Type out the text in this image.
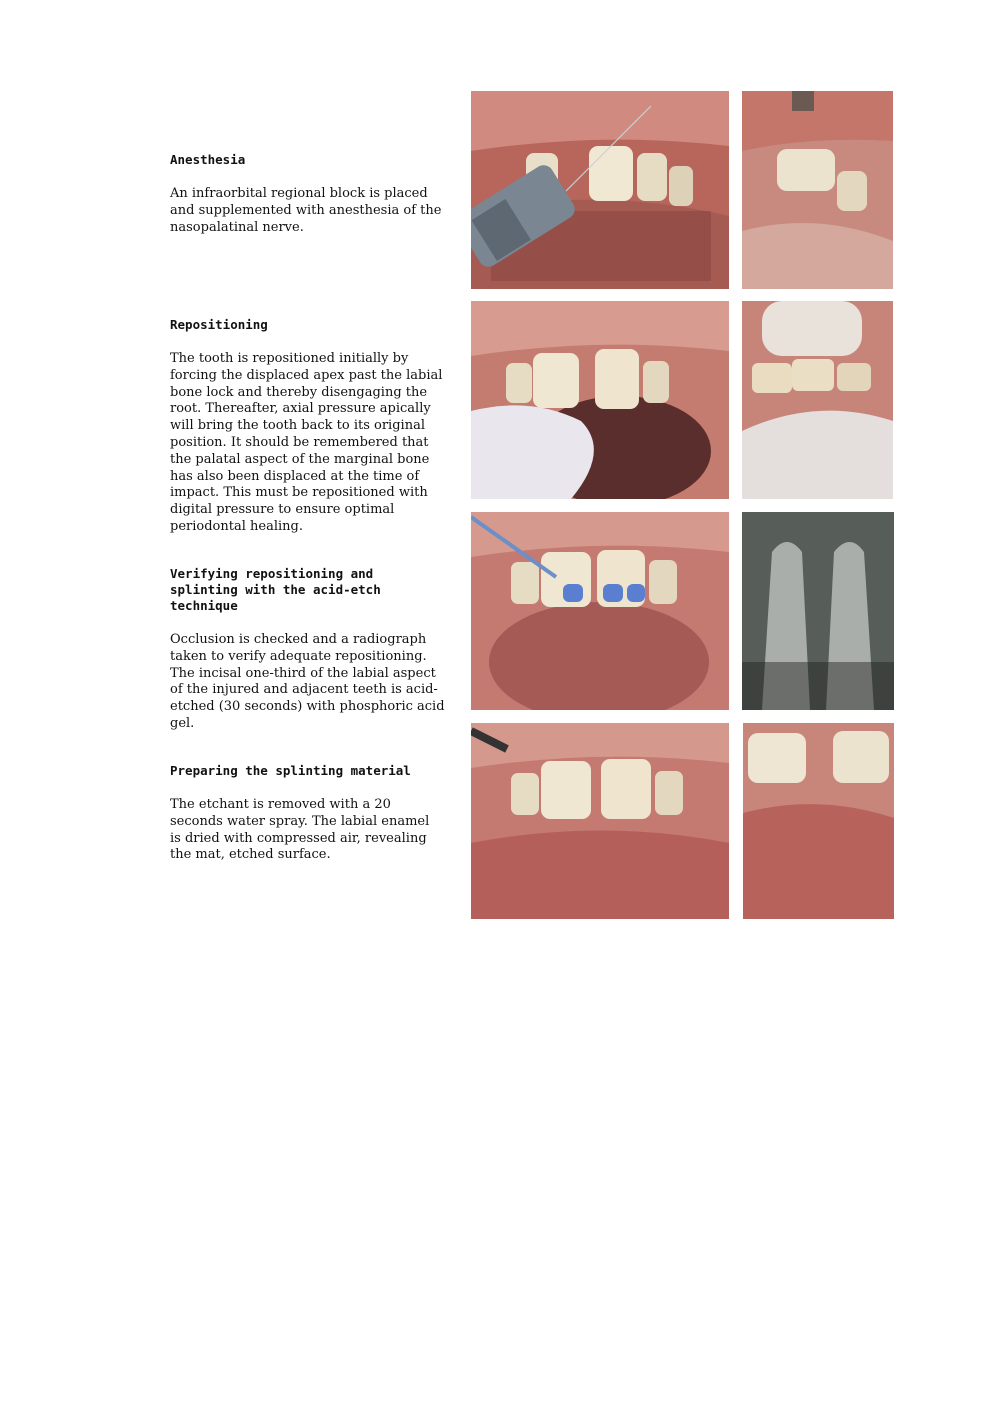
Anesthesia

An infraorbital regional block is placed
and supplemented with anesthesia of the
nasopalatinal nerve.

Repositioning

The tooth is repositioned initially by
forcing the displaced apex past the labial
bone lock and thereby disengaging the
root. Thereafter, axial pressure apically
will bring the tooth back to its original
position. It should be remembered that
the palatal aspect of the marginal bone
has also been displaced at the time of
impact. This must be repositioned with
digital pressure to ensure optimal
periodontal healing.

Verifying repositioning and
splinting with the acid-etch
technique

Occlusion is checked and a radiograph
taken to verify adequate repositioning.
The incisal one-third of the labial aspect
of the injured and adjacent teeth is acid-
etched (30 seconds) with phosphoric acid
gel.

Preparing the splinting material

The etchant is removed with a 20
seconds water spray. The labial enamel
is dried with compressed air, revealing
the mat, etched surface.
